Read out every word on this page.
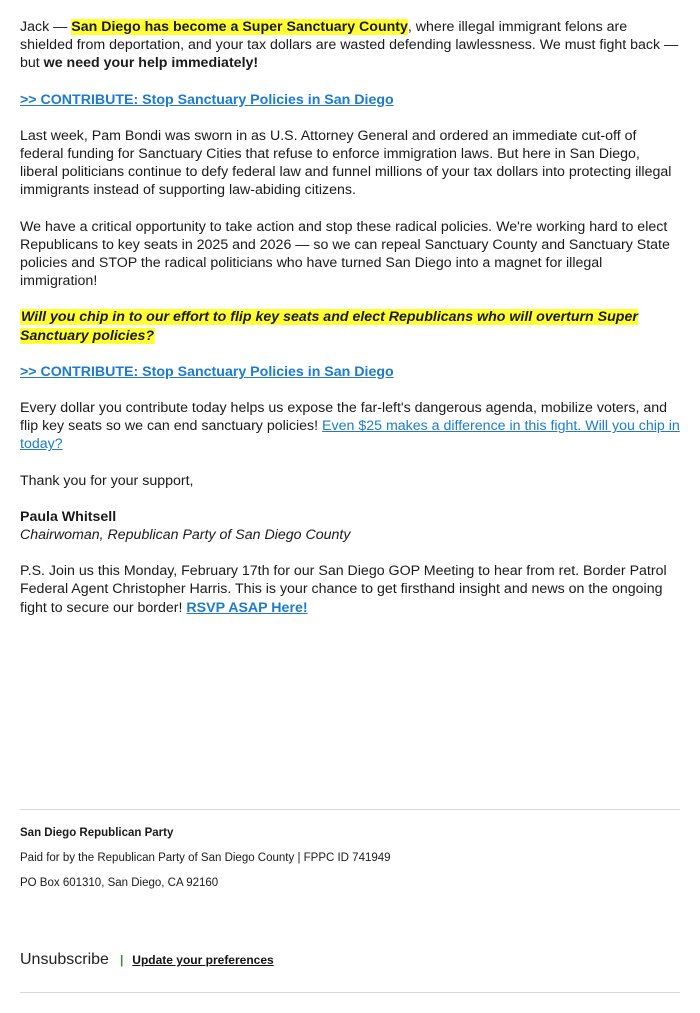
Jack — San Diego has become a Super Sanctuary County, where illegal immigrant felons are shielded from deportation, and your tax dollars are wasted defending lawlessness. We must fight back — but we need your help immediately!

>> CONTRIBUTE: Stop Sanctuary Policies in San Diego

Last week, Pam Bondi was sworn in as U.S. Attorney General and ordered an immediate cut-off of federal funding for Sanctuary Cities that refuse to enforce immigration laws. But here in San Diego, liberal politicians continue to defy federal law and funnel millions of your tax dollars into protecting illegal immigrants instead of supporting law-abiding citizens.

We have a critical opportunity to take action and stop these radical policies. We're working hard to elect Republicans to key seats in 2025 and 2026 — so we can repeal Sanctuary County and Sanctuary State policies and STOP the radical politicians who have turned San Diego into a magnet for illegal immigration!

Will you chip in to our effort to flip key seats and elect Republicans who will overturn Super Sanctuary policies?

>> CONTRIBUTE: Stop Sanctuary Policies in San Diego

Every dollar you contribute today helps us expose the far-left's dangerous agenda, mobilize voters, and flip key seats so we can end sanctuary policies! Even $25 makes a difference in this fight. Will you chip in today?

Thank you for your support,

Paula Whitsell
Chairwoman, Republican Party of San Diego County

P.S. Join us this Monday, February 17th for our San Diego GOP Meeting to hear from ret. Border Patrol Federal Agent Christopher Harris. This is your chance to get firsthand insight and news on the ongoing fight to secure our border! RSVP ASAP Here!

San Diego Republican Party
Paid for by the Republican Party of San Diego County | FPPC ID 741949
PO Box 601310, San Diego, CA 92160
Unsubscribe | Update your preferences
